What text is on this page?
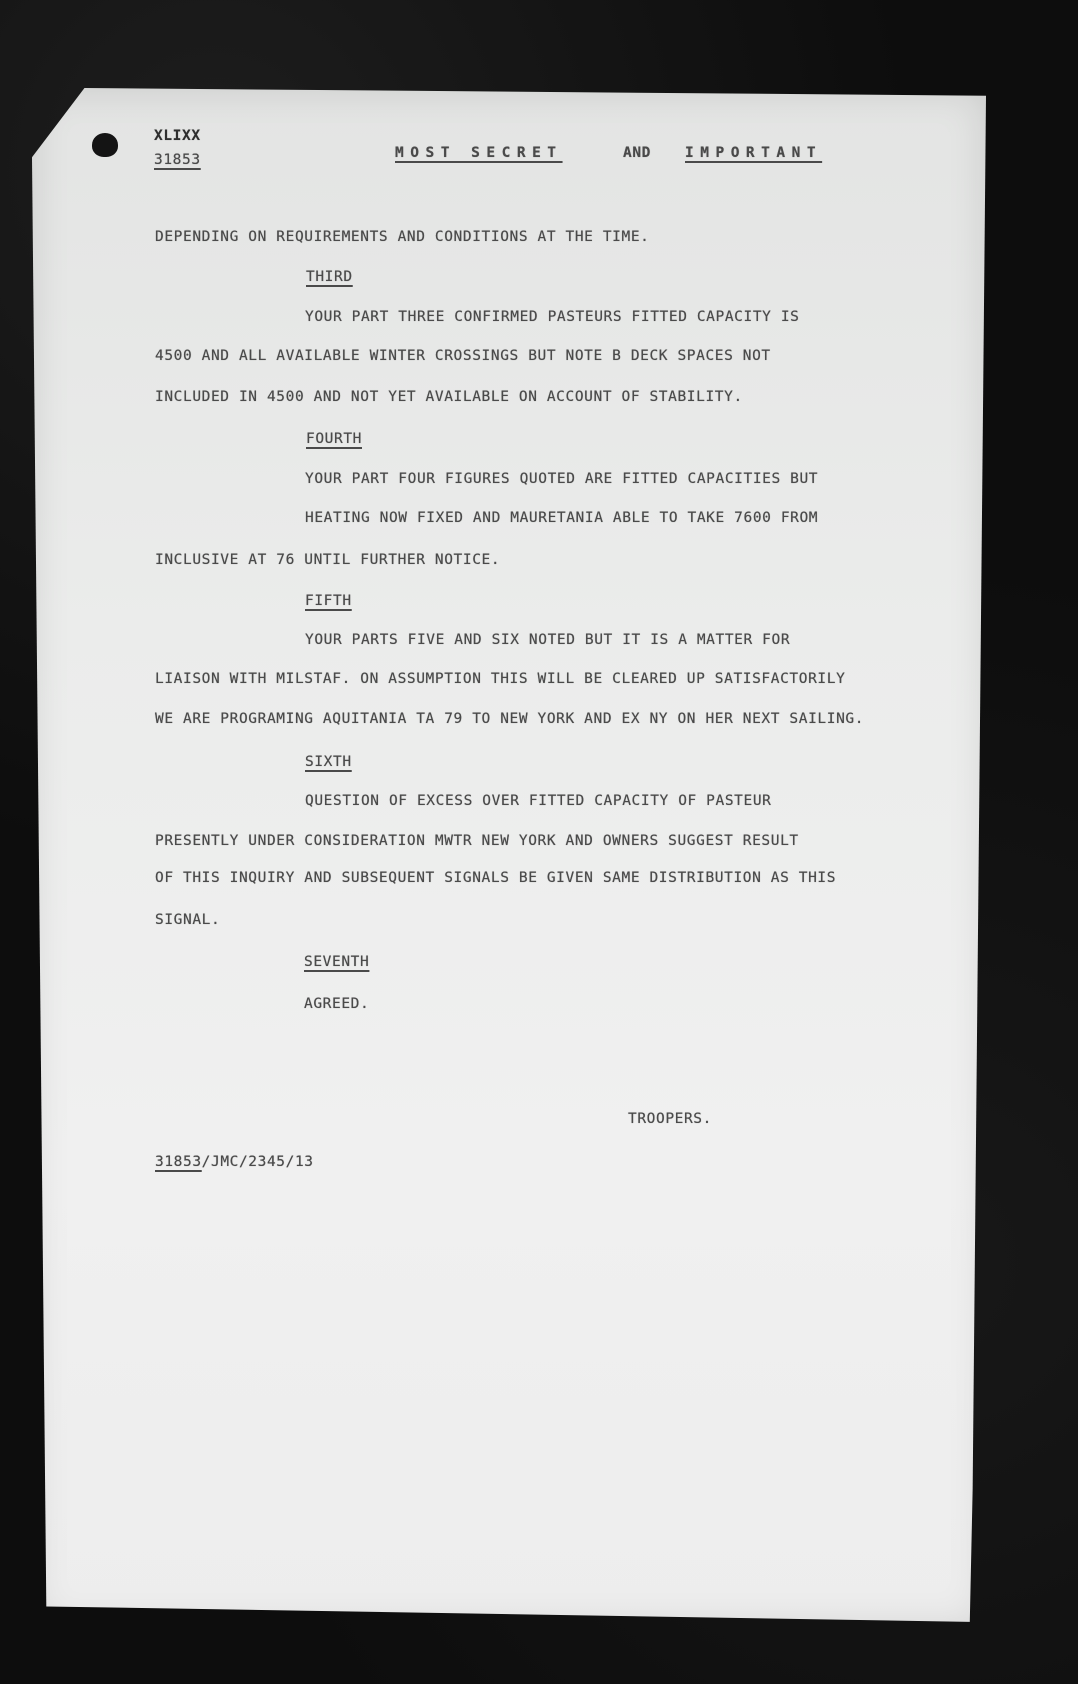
XLIXX
31853	MOST SECRET	AND IMPORTANT
DEPENDING ON REQUIREMENTS AND CONDITIONS AT THE TIME.
THIRD
YOUR PART THREE CONFIRMED PASTEURS FITTED CAPACITY IS
4500 AND ALL AVAILABLE WINTER CROSSINGS BUT NOTE B DECK SPACES NOT
INCLUDED IN 4500 AND NOT YET AVAILABLE ON ACCOUNT OF STABILITY.
FOURTH
YOUR PART FOUR FIGURES QUOTED ARE FITTED CAPACITIES BUT
HEATING NOW FIXED AND MAURETANIA ABLE TO TAKE 7600 FROM
INCLUSIVE AT 76 UNTIL FURTHER NOTICE.
FIFTH
YOUR PARTS FIVE AND SIX NOTED BUT IT IS A MATTER FOR
LIAISON WITH MILSTAF. ON ASSUMPTION THIS WILL BE CLEARED UP SATISFACTORILY
WE ARE PROGRAMING AQUITANIA TA 79 TO NEW YORK AND EX NY ON HER NEXT SAILING.
SIXTH
QUESTION OF EXCESS OVER FITTED CAPACITY OF PASTEUR
PRESENTLY UNDER CONSIDERATION MWTR NEW YORK AND OWNERS SUGGEST RESULT
OF THIS INQUIRY AND SUBSEQUENT SIGNALS BE GIVEN SAME DISTRIBUTION AS THIS
SIGNAL.
SEVENTH
AGREED.
TROOPERS.
31853/JMC/2345/13
